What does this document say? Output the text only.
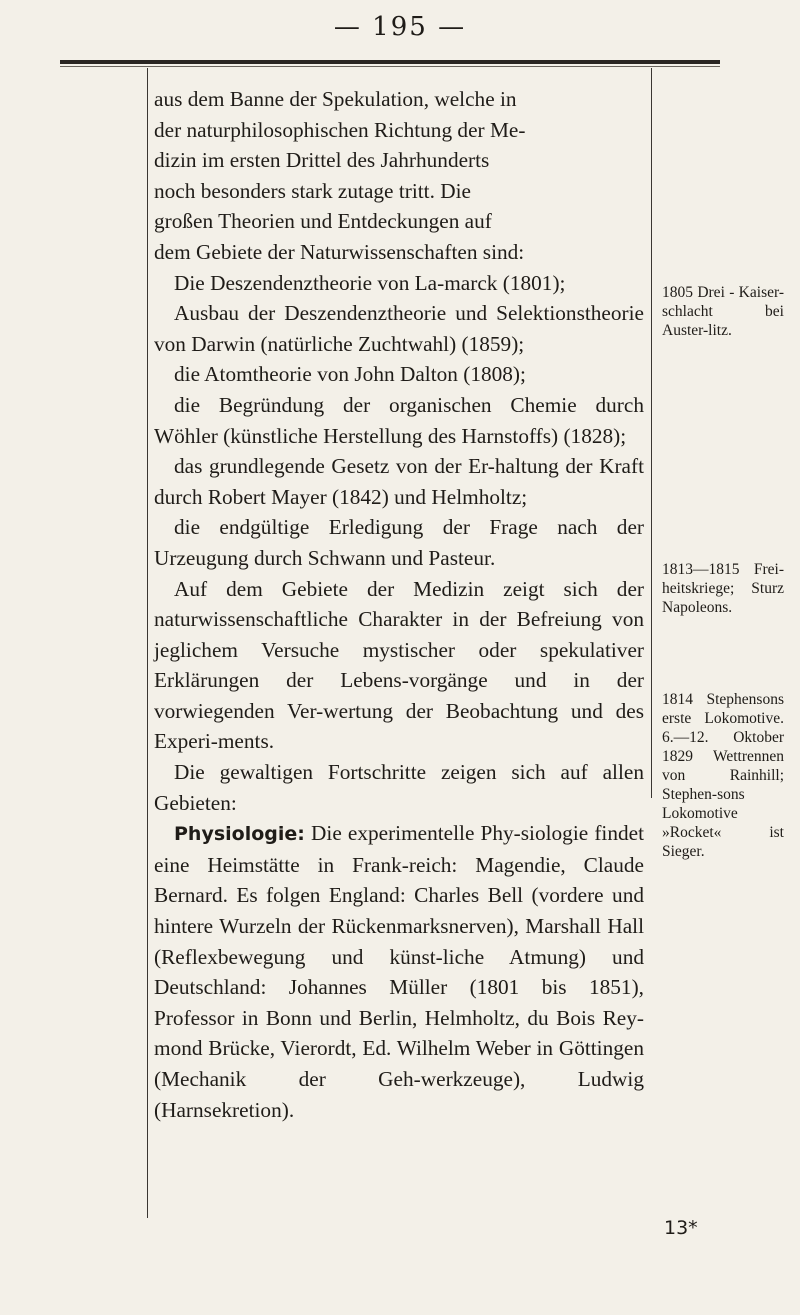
— 195 —

aus dem Banne der Spekulation, welche in

der naturphilosophischen Richtung der Me-

dizin im ersten Drittel des Jahrhunderts

noch besonders stark zutage tritt. Die

großen Theorien und Entdeckungen auf

dem Gebiete der Naturwissenschaften sind:

Die Deszendenztheorie von La-marck (1801);

Ausbau der Deszendenztheorie und Selektionstheorie von Darwin (natürliche Zuchtwahl) (1859);

die Atomtheorie von John Dalton (1808);

die Begründung der organischen Chemie durch Wöhler (künstliche Herstellung des Harnstoffs) (1828);

das grundlegende Gesetz von der Er-haltung der Kraft durch Robert Mayer (1842) und Helmholtz;

die endgültige Erledigung der Frage nach der Urzeugung durch Schwann und Pasteur.

Auf dem Gebiete der Medizin zeigt sich der naturwissenschaftliche Charakter in der Befreiung von jeglichem Versuche mystischer oder spekulativer Erklärungen der Lebens-vorgänge und in der vorwiegenden Ver-wertung der Beobachtung und des Experi-ments.

Die gewaltigen Fortschritte zeigen sich auf allen Gebieten:

Physiologie: Die experimentelle Phy-siologie findet eine Heimstätte in Frank-reich: Magendie, Claude Bernard. Es folgen England: Charles Bell (vordere und hintere Wurzeln der Rückenmarksnerven), Marshall Hall (Reflexbewegung und künst-liche Atmung) und Deutschland: Johannes Müller (1801 bis 1851), Professor in Bonn und Berlin, Helmholtz, du Bois Rey-mond Brücke, Vierordt, Ed. Wilhelm Weber in Göttingen (Mechanik der Geh-werkzeuge), Ludwig (Harnsekretion).

1805 Drei - Kaiser-schlacht bei Auster-litz.

1813—1815 Frei-heitskriege; Sturz Napoleons.

1814 Stephensons erste Lokomotive. 6.—12. Oktober 1829 Wettrennen von Rainhill; Stephen-sons Lokomotive »Rocket« ist Sieger.

13*
